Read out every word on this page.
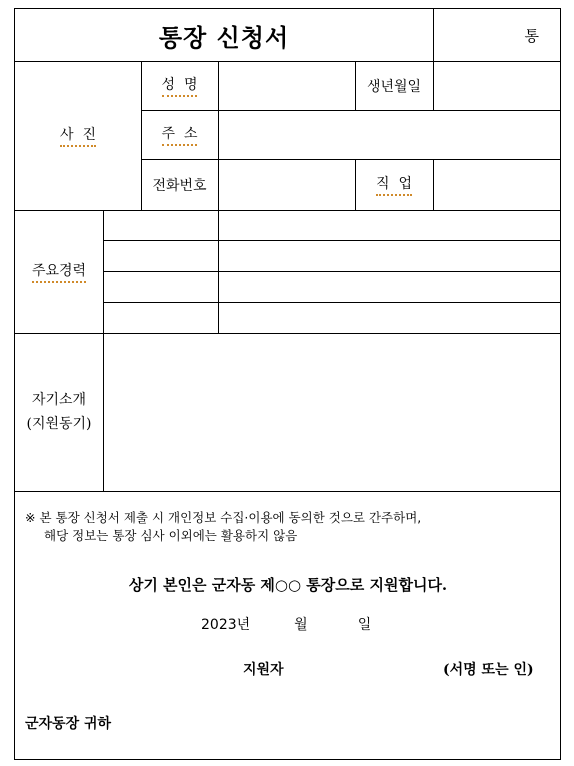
통장 신청서	통
사  진
성  명	생년월일
주  소
전화번호	직  업
주요경력
자기소개
(지원동기)
※ 본 통장 신청서 제출 시 개인정보 수집·이용에 동의한 것으로 간주하며,
해당 정보는 통장 심사 이외에는 활용하지 않음
상기 본인은 군자동 제○○ 통장으로 지원합니다.
2023년	월	일
지원자	(서명 또는 인)
군자동장 귀하
